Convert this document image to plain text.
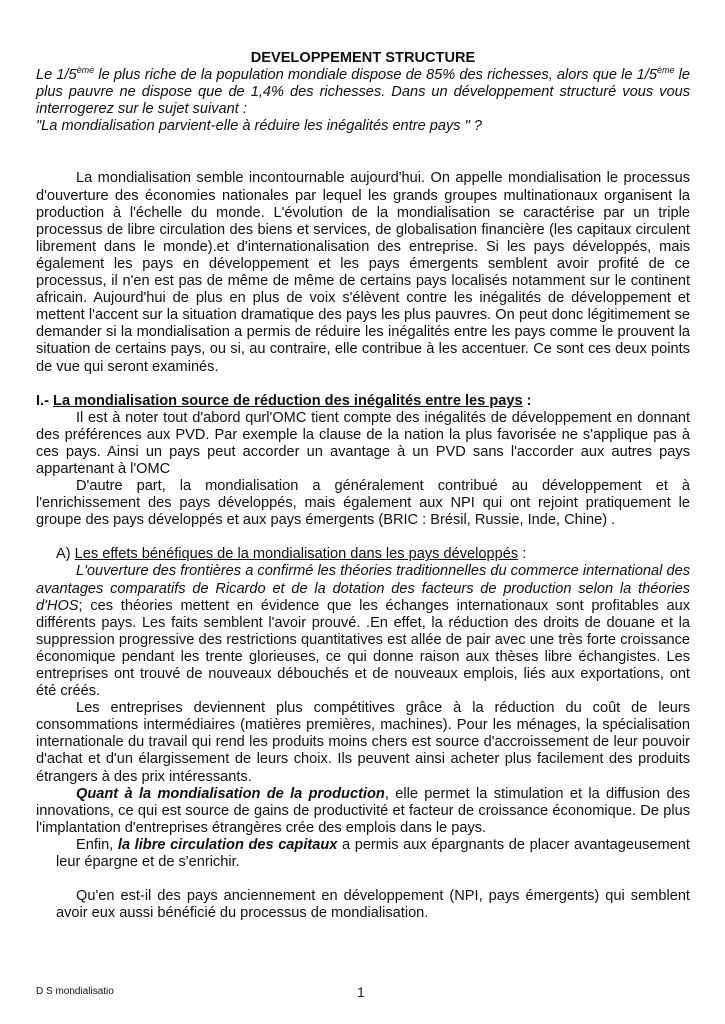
DEVELOPPEMENT STRUCTURE

Le 1/5ème le plus riche de la population mondiale dispose de 85% des richesses, alors que le 1/5ème le plus pauvre ne dispose que de 1,4% des richesses. Dans un développement structuré vous vous interrogerez sur le sujet suivant :

"La mondialisation parvient-elle à réduire les inégalités entre pays " ?

La mondialisation semble incontournable aujourd'hui. On appelle mondialisation le processus d'ouverture des économies nationales par lequel les grands groupes multinationaux organisent la production à l'échelle du monde. L'évolution de la mondialisation se caractérise par un triple processus de libre circulation des biens et services, de globalisation financière (les capitaux circulent librement dans le monde).et d'internationalisation des entreprise. Si les pays développés, mais également les pays en développement et les pays émergents semblent avoir profité de ce processus, il n'en est pas de même de même de certains pays localisés notamment sur le continent africain. Aujourd'hui de plus en plus de voix s'élèvent contre les inégalités de développement et mettent l'accent sur la situation dramatique des pays les plus pauvres. On peut donc légitimement se demander si la mondialisation a permis de réduire les inégalités entre les pays comme le prouvent la situation de certains pays, ou si, au contraire, elle contribue à les accentuer. Ce sont ces deux points de vue qui seront examinés.

I.- La mondialisation source de réduction des inégalités entre les pays :

Il est à noter tout d'abord qurl'OMC tient compte des inégalités de développement en donnant des préférences aux PVD. Par exemple la clause de la nation la plus favorisée ne s'applique pas à ces pays. Ainsi un pays peut accorder un avantage à un PVD sans l'accorder aux autres pays appartenant à l'OMC

D'autre part, la mondialisation a généralement contribué au développement et à l'enrichissement des pays développés, mais également aux NPI qui ont rejoint pratiquement le groupe des pays développés et aux pays émergents (BRIC : Brésil, Russie, Inde, Chine) .

A) Les effets bénéfiques de la mondialisation dans les pays développés :

L'ouverture des frontières a confirmé les théories traditionnelles du commerce international des avantages comparatifs de Ricardo et de la dotation des facteurs de production selon la théories d'HOS; ces théories mettent en évidence que les échanges internationaux sont profitables aux différents pays. Les faits semblent l'avoir prouvé. .En effet, la réduction des droits de douane et la suppression progressive des restrictions quantitatives est allée de pair avec une très forte croissance économique pendant les trente glorieuses, ce qui donne raison aux thèses libre échangistes. Les entreprises ont trouvé de nouveaux débouchés et de nouveaux emplois, liés aux exportations, ont été créés.

Les entreprises deviennent plus compétitives grâce à la réduction du coût de leurs consommations intermédiaires (matières premières, machines). Pour les ménages, la spécialisation internationale du travail qui rend les produits moins chers est source d'accroissement de leur pouvoir d'achat et d'un élargissement de leurs choix. Ils peuvent ainsi acheter plus facilement des produits étrangers à des prix intéressants.

Quant à la mondialisation de la production, elle permet la stimulation et la diffusion des innovations, ce qui est source de gains de productivité et facteur de croissance économique. De plus l'implantation d'entreprises étrangères crée des emplois dans le pays.

Enfin, la libre circulation des capitaux a permis aux épargnants de placer avantageusement leur épargne et de s'enrichir.

Qu'en est-il des pays anciennement en développement (NPI, pays émergents) qui semblent avoir eux aussi bénéficié du processus de mondialisation.

D S mondialisatio	1
